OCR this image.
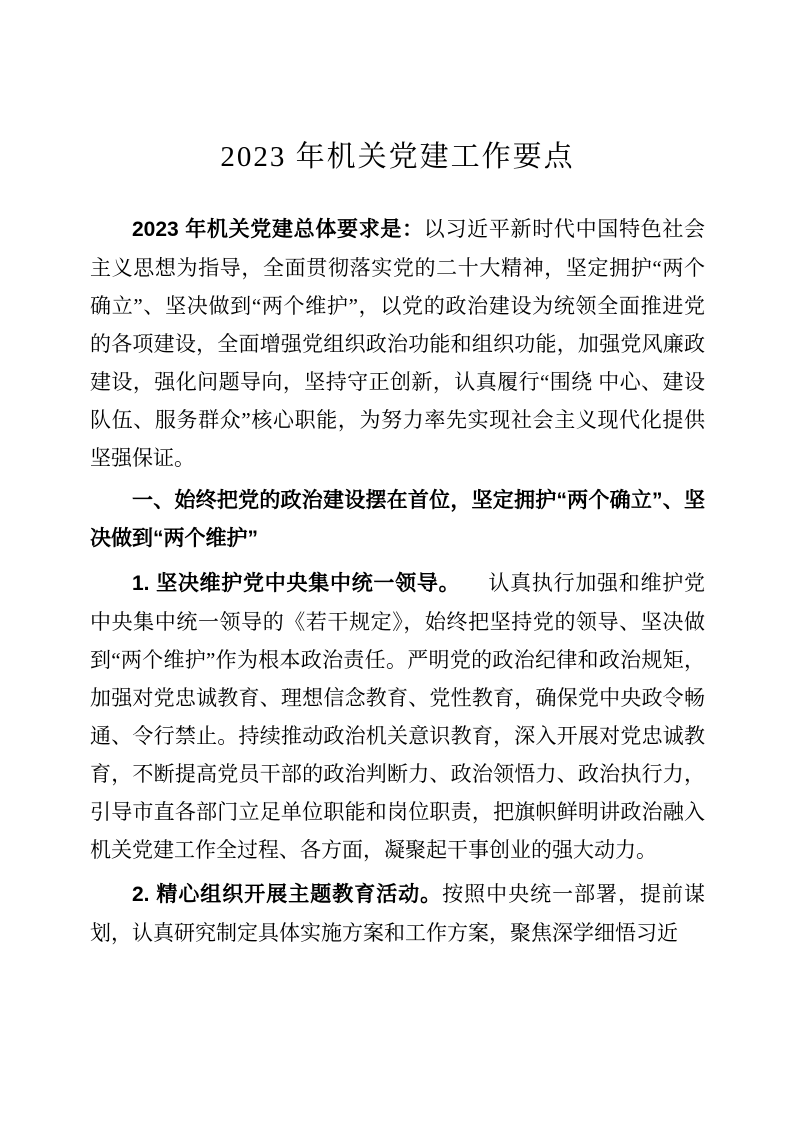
2023 年机关党建工作要点

2023 年机关党建总体要求是：以习近平新时代中国特色社会主义思想为指导，全面贯彻落实党的二十大精神，坚定拥护“两个确立”、坚决做到“两个维护”，以党的政治建设为统领全面推进党的各项建设，全面增强党组织政治功能和组织功能，加强党风廉政建设，强化问题导向，坚持守正创新，认真履行“围绕 中心、建设队伍、服务群众”核心职能，为努力率先实现社会主义现代化提供坚强保证。

一、始终把党的政治建设摆在首位，坚定拥护“两个确立”、坚决做到“两个维护”

1. 坚决维护党中央集中统一领导。 认真执行加强和维护党中央集中统一领导的《若干规定》，始终把坚持党的领导、坚决做到“两个维护”作为根本政治责任。严明党的政治纪律和政治规矩，加强对党忠诚教育、理想信念教育、党性教育，确保党中央政令畅通、令行禁止。持续推动政治机关意识教育，深入开展对党忠诚教育，不断提高党员干部的政治判断力、政治领悟力、政治执行力，引导市直各部门立足单位职能和岗位职责，把旗帜鲜明讲政治融入机关党建工作全过程、各方面，凝聚起干事创业的强大动力。

2. 精心组织开展主题教育活动。按照中央统一部署，提前谋划，认真研究制定具体实施方案和工作方案，聚焦深学细悟习近
